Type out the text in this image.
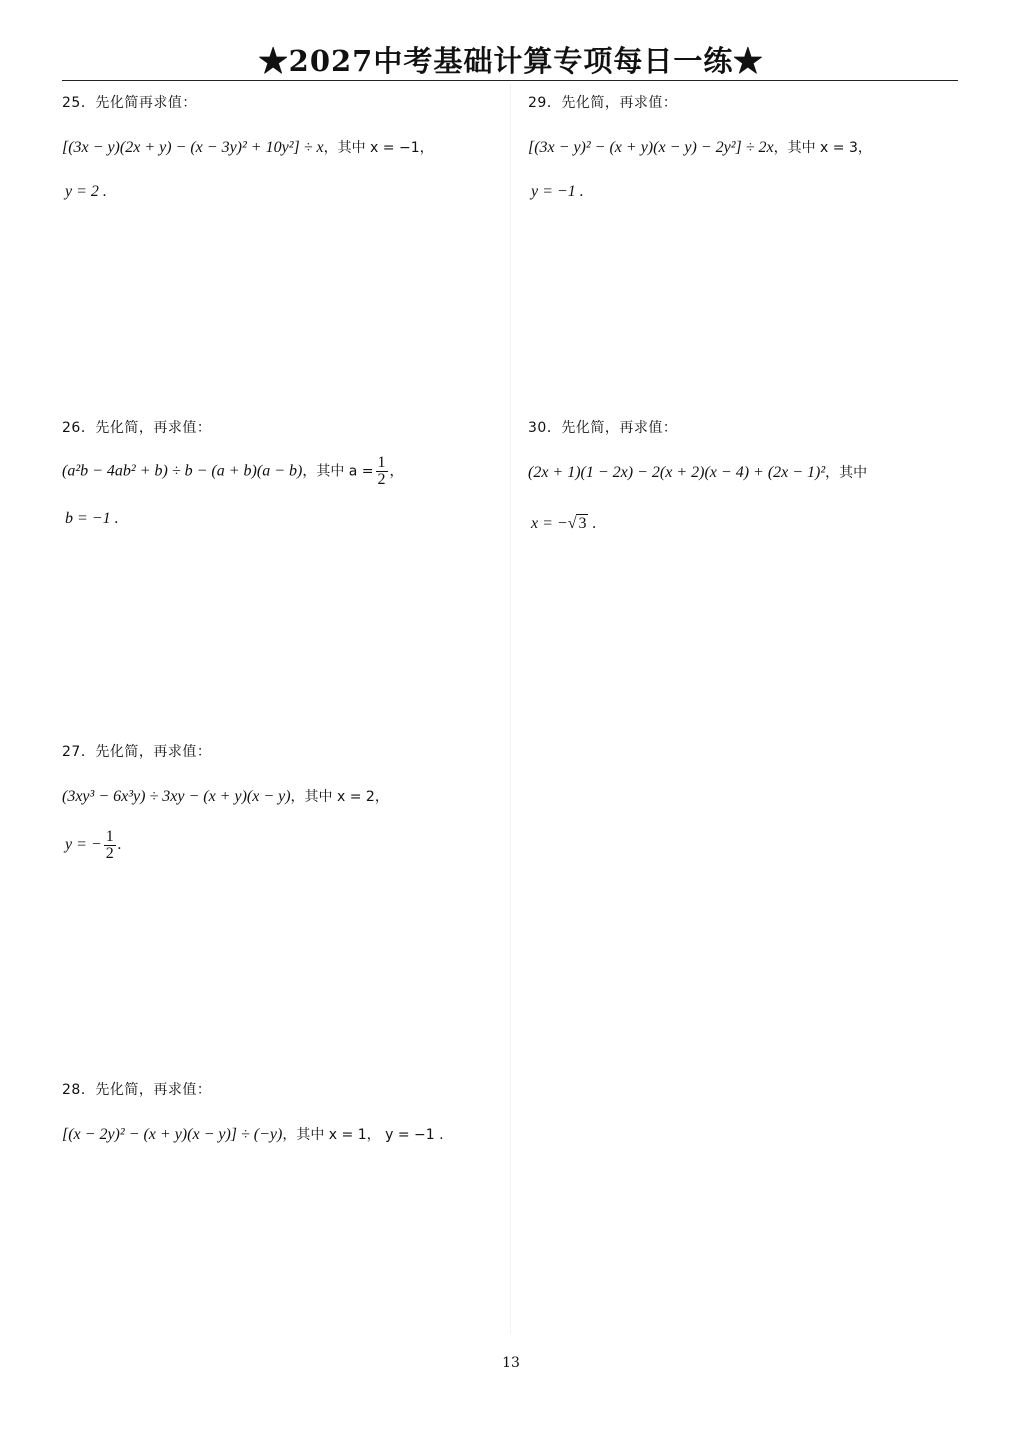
★2027中考基础计算专项每日一练★
25．先化简再求值：
[(3x − y)(2x + y) − (x − 3y)² + 10y²] ÷ x，其中 x = −1，
y = 2 .
29．先化简，再求值：
[(3x − y)² − (x + y)(x − y) − 2y²] ÷ 2x，其中 x = 3，
y = −1 .
26．先化简，再求值：
(a²b − 4ab² + b) ÷ b − (a + b)(a − b)，其中 $a = \frac{1}{2}$ ，
b = −1 .
30．先化简，再求值：
(2x + 1)(1 − 2x) − 2(x + 2)(x − 4) + (2x − 1)²，其中
x = −√ 3 .
27．先化简，再求值：
(3xy³ − 6x³y) ÷ 3xy − (x + y)(x − y)，其中 x = 2，
y = − $\frac{1}{2}$ .
28．先化简，再求值：
[(x − 2y)² − (x + y)(x − y)] ÷ (−y)，其中 x = 1， y = −1 .
13
